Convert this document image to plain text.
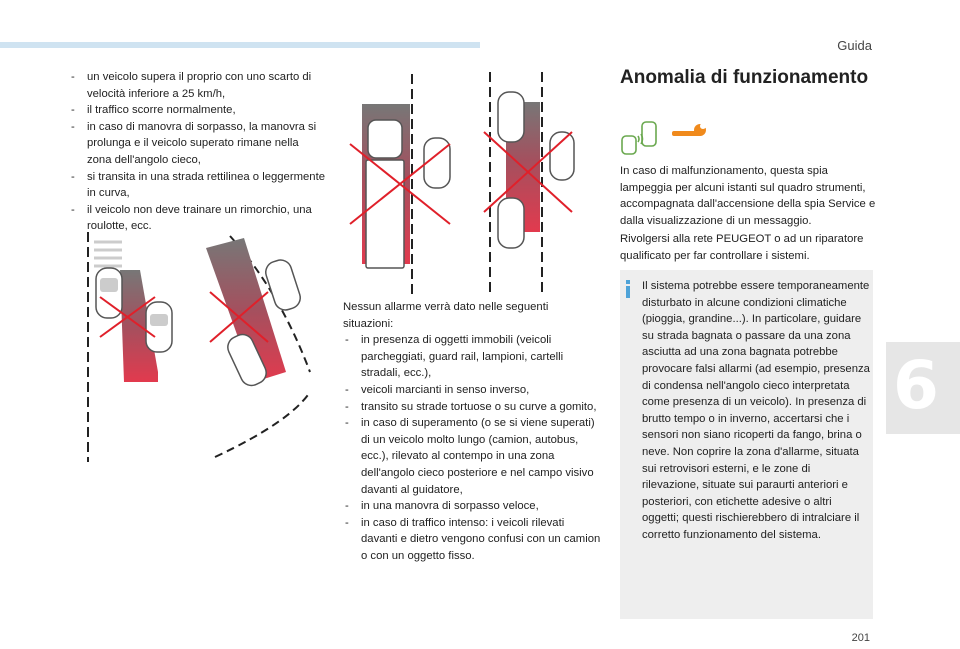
Guida
201
6
- un veicolo supera il proprio con uno scarto di velocità inferiore a 25 km/h,
- il traffico scorre normalmente,
- in caso di manovra di sorpasso, la manovra si prolunga e il veicolo superato rimane nella zona dell'angolo cieco,
- si transita in una strada rettilinea o leggermente in curva,
- il veicolo non deve trainare un rimorchio, una roulotte, ecc.

Nessun allarme verrà dato nelle seguenti situazioni:

- in presenza di oggetti immobili (veicoli parcheggiati, guard rail, lampioni, cartelli stradali, ecc.),
- veicoli marcianti in senso inverso,
- transito su strade tortuose o su curve a gomito,
- in caso di superamento (o se si viene superati) di un veicolo molto lungo (camion, autobus, ecc.), rilevato al contempo in una zona dell'angolo cieco posteriore e nel campo visivo davanti al guidatore,
- in una manovra di sorpasso veloce,
- in caso di traffico intenso: i veicoli rilevati davanti e dietro vengono confusi con un camion o con un oggetto fisso.
Anomalia di funzionamento

In caso di malfunzionamento, questa spia lampeggia per alcuni istanti sul quadro strumenti, accompagnata dall'accensione della spia Service e dalla visualizzazione di un messaggio.

Rivolgersi alla rete PEUGEOT o ad un riparatore qualificato per far controllare i sistemi.

Il sistema potrebbe essere temporaneamente disturbato in alcune condizioni climatiche (pioggia, grandine...). In particolare, guidare su strada bagnata o passare da una zona asciutta ad una zona bagnata potrebbe provocare falsi allarmi (ad esempio, presenza di condensa nell'angolo cieco interpretata come presenza di un veicolo). In presenza di brutto tempo o in inverno, accertarsi che i sensori non siano ricoperti da fango, brina o neve. Non coprire la zona d'allarme, situata sui retrovisori esterni, e le zone di rilevazione, situate sui paraurti anteriori e posteriori, con etichette adesive o altri oggetti; questi rischierebbero di intralciare il corretto funzionamento del sistema.
